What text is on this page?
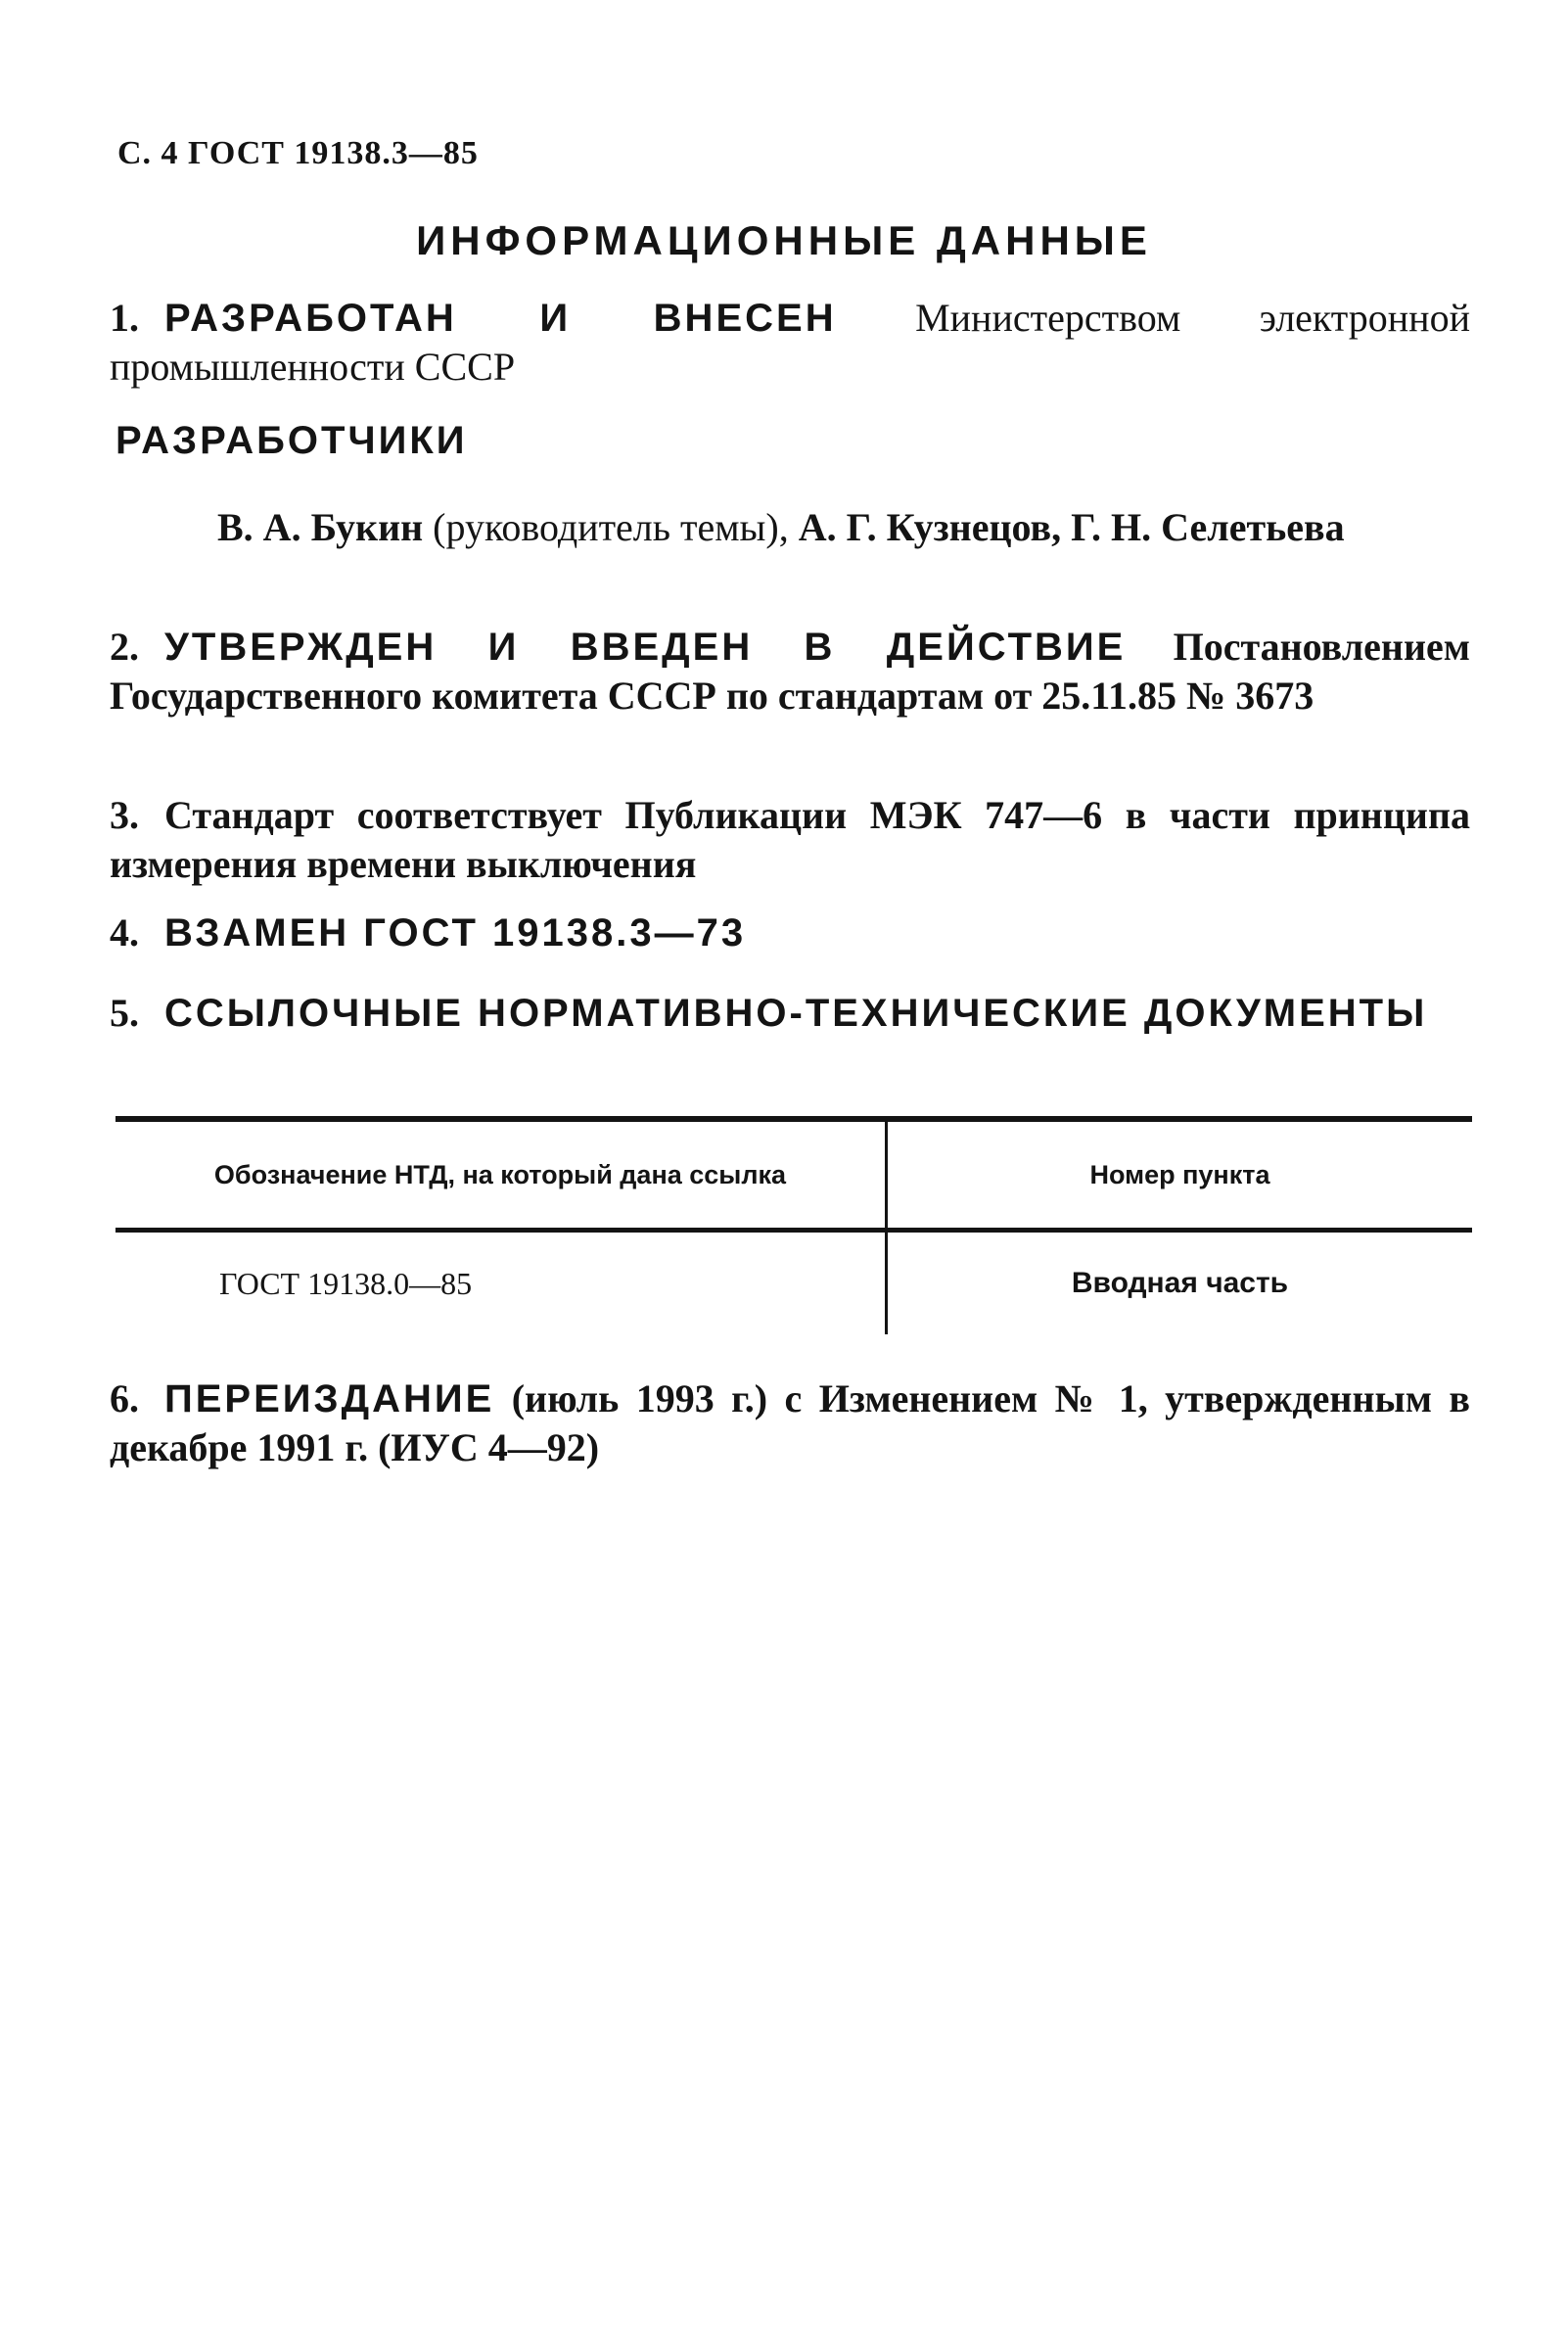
С. 4 ГОСТ 19138.3—85
ИНФОРМАЦИОННЫЕ ДАННЫЕ
1. РАЗРАБОТАН И ВНЕСЕН Министерством электронной промышленности СССР
РАЗРАБОТЧИКИ
В. А. Букин (руководитель темы), А. Г. Кузнецов, Г. Н. Селетьева
2. УТВЕРЖДЕН И ВВЕДЕН В ДЕЙСТВИЕ Постановлением Государственного комитета СССР по стандартам от 25.11.85 № 3673
3. Стандарт соответствует Публикации МЭК 747—6 в части принципа измерения времени выключения
4. ВЗАМЕН ГОСТ 19138.3—73
5. ССЫЛОЧНЫЕ НОРМАТИВНО-ТЕХНИЧЕСКИЕ ДОКУМЕНТЫ

Обозначение НТД, на который дана ссылка	Номер пункта

ГОСТ 19138.0—85	Вводная часть
6. ПЕРЕИЗДАНИЕ (июль 1993 г.) с Изменением № 1, утвержденным в декабре 1991 г. (ИУС 4—92)
